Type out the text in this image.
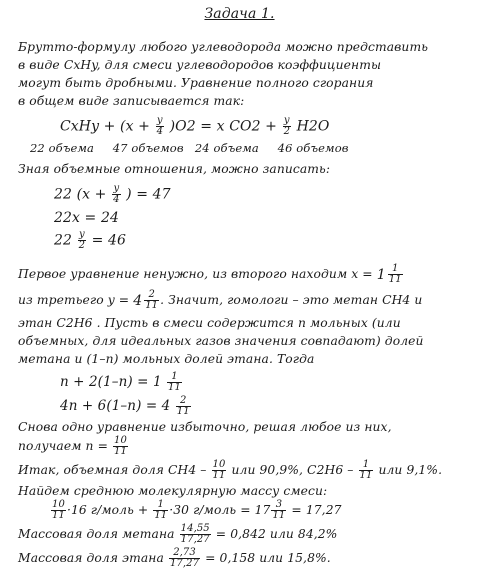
Задача 1.
Брутто-формулу любого углеводорода можно представить
в виде CxHy, для смеси углеводородов коэффициенты
могут быть дробными. Уравнение полного сгорания
в общем виде записывается так:
CxHy + $(x + \frac{y}{4} )O2 = x$ $CO2 + \frac{y}{2} H2O$
22 объема     47 объемов   24 объема     46 объемов
Зная объемные отношения, можно записать:
22 ($x + \frac{y}{4}$ ) = 47
22x = 24
$22 \frac{y}{2} = 46$
Первое уравнение ненужно, из второго находим $x = 1 \frac{1}{11}$
из третьего $y = 4 \frac{2}{11}$ . Значит, гомологи – это метан CH4 и
этан C2H6 . Пусть в смеси содержится n мольных (или
объемных, для идеальных газов значения совпадают) долей
метана и (1–n) мольных долей этана. Тогда
$n + 2(1-n) = 1 \frac{1}{11}$
$4n + 6(1-n) = 4 \frac{2}{11}$
Снова одно уравнение избыточно, решая любое из них,
получаем $n = \frac{10}{11}$
Итак, объемная доля $CH4 - \frac{10}{11}$ или 90,9%, $C2H6 - \frac{1}{11}$ или 9,1%.
Найдем среднюю молекулярную массу смеси:
$\frac{10}{11} \cdot 16$ г/моль + $\frac{1}{11} \cdot 30$ г/моль = $17 \frac{3}{11} = 17,27$
Массовая доля метана $\frac{14,55}{17,27} = 0,842$ или 84,2%
Массовая доля этана $\frac{2,73}{17,27} = 0,158$ или 15,8%.
